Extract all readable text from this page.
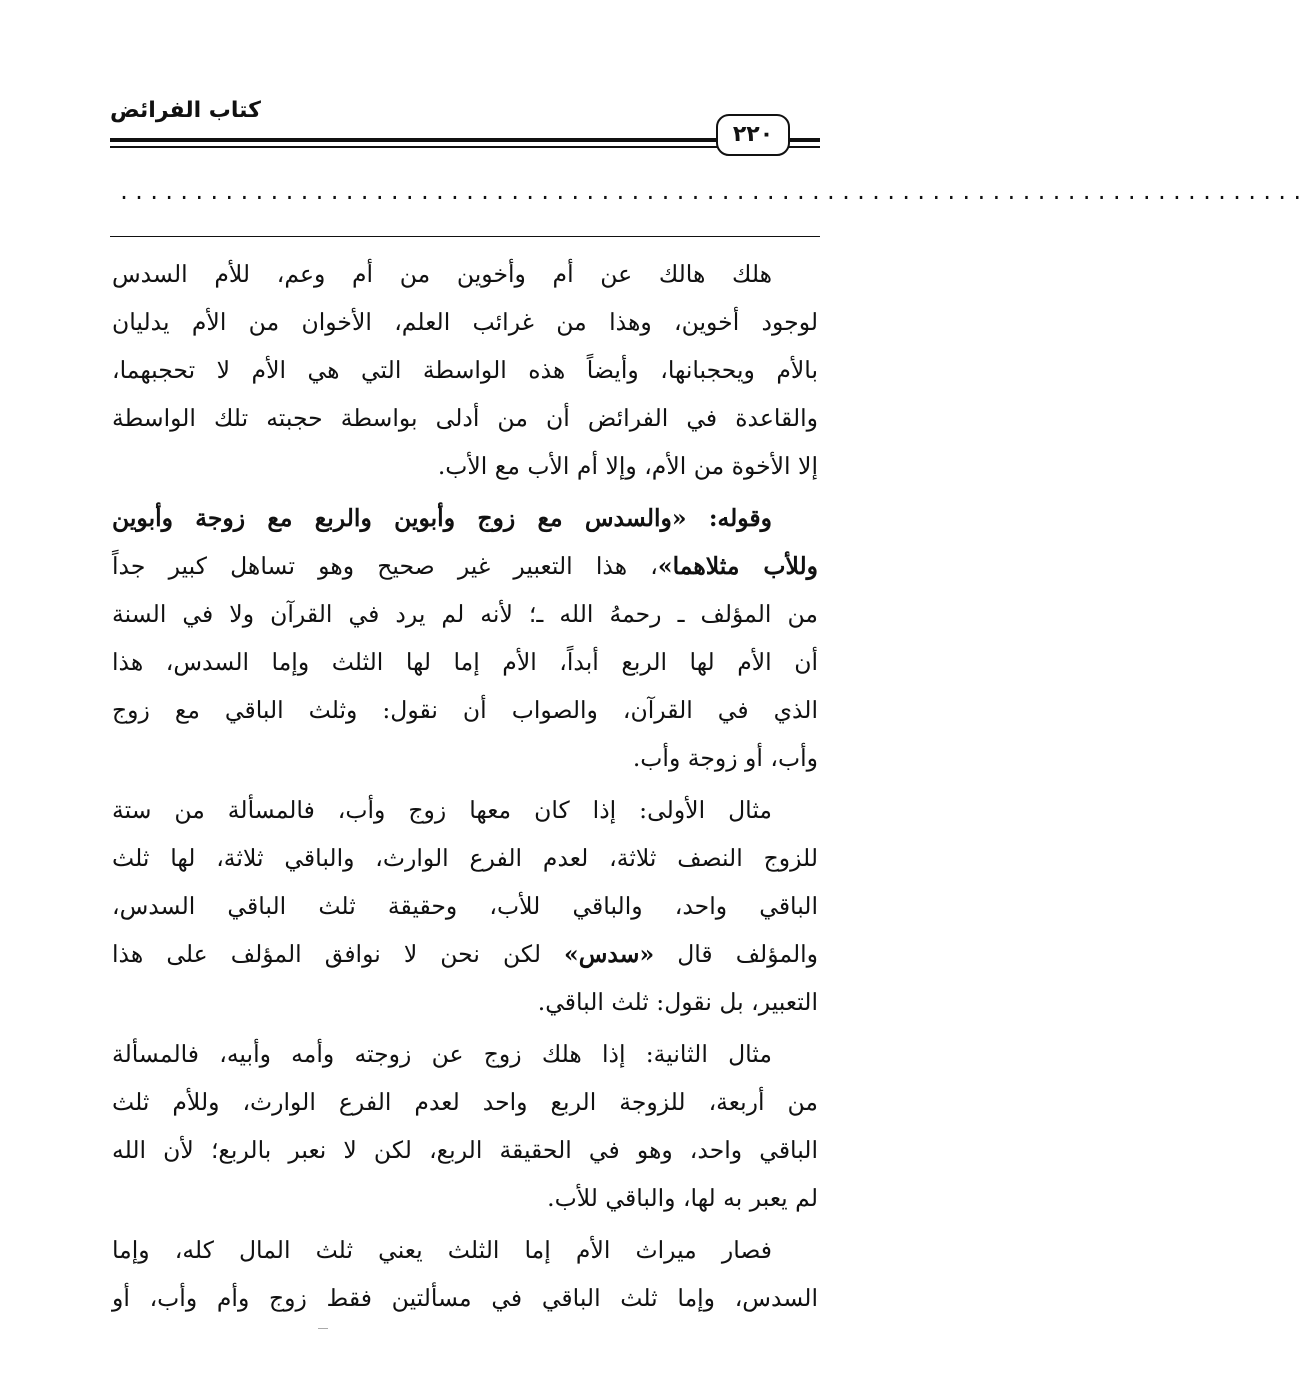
كتاب الفرائض
٢٢٠
...............................................................................
هلك هالك عن أم وأخوين من أم وعم، للأم السدس
لوجود أخوين، وهذا من غرائب العلم، الأخوان من الأم يدليان
بالأم ويحجبانها، وأيضاً هذه الواسطة التي هي الأم لا تحجبهما،
والقاعدة في الفرائض أن من أدلى بواسطة حجبته تلك الواسطة
إلا الأخوة من الأم، وإلا أم الأب مع الأب.
وقوله: «والسدس مع زوج وأبوين والربع مع زوجة وأبوين
وللأب مثلاهما»، هذا التعبير غير صحيح وهو تساهل كبير جداً
من المؤلف ـ رحمهُ الله ـ؛ لأنه لم يرد في القرآن ولا في السنة
أن الأم لها الربع أبداً، الأم إما لها الثلث وإما السدس، هذا
الذي في القرآن، والصواب أن نقول: وثلث الباقي مع زوج
وأب، أو زوجة وأب.
مثال الأولى: إذا كان معها زوج وأب، فالمسألة من ستة
للزوج النصف ثلاثة، لعدم الفرع الوارث، والباقي ثلاثة، لها ثلث
الباقي واحد، والباقي للأب، وحقيقة ثلث الباقي السدس،
والمؤلف قال «سدس» لكن نحن لا نوافق المؤلف على هذا
التعبير، بل نقول: ثلث الباقي.
مثال الثانية: إذا هلك زوج عن زوجته وأمه وأبيه، فالمسألة
من أربعة، للزوجة الربع واحد لعدم الفرع الوارث، وللأم ثلث
الباقي واحد، وهو في الحقيقة الربع، لكن لا نعبر بالربع؛ لأن الله
لم يعبر به لها، والباقي للأب.
فصار ميراث الأم إما الثلث يعني ثلث المال كله، وإما
السدس، وإما ثلث الباقي في مسألتين فقط زوج وأم وأب، أو
